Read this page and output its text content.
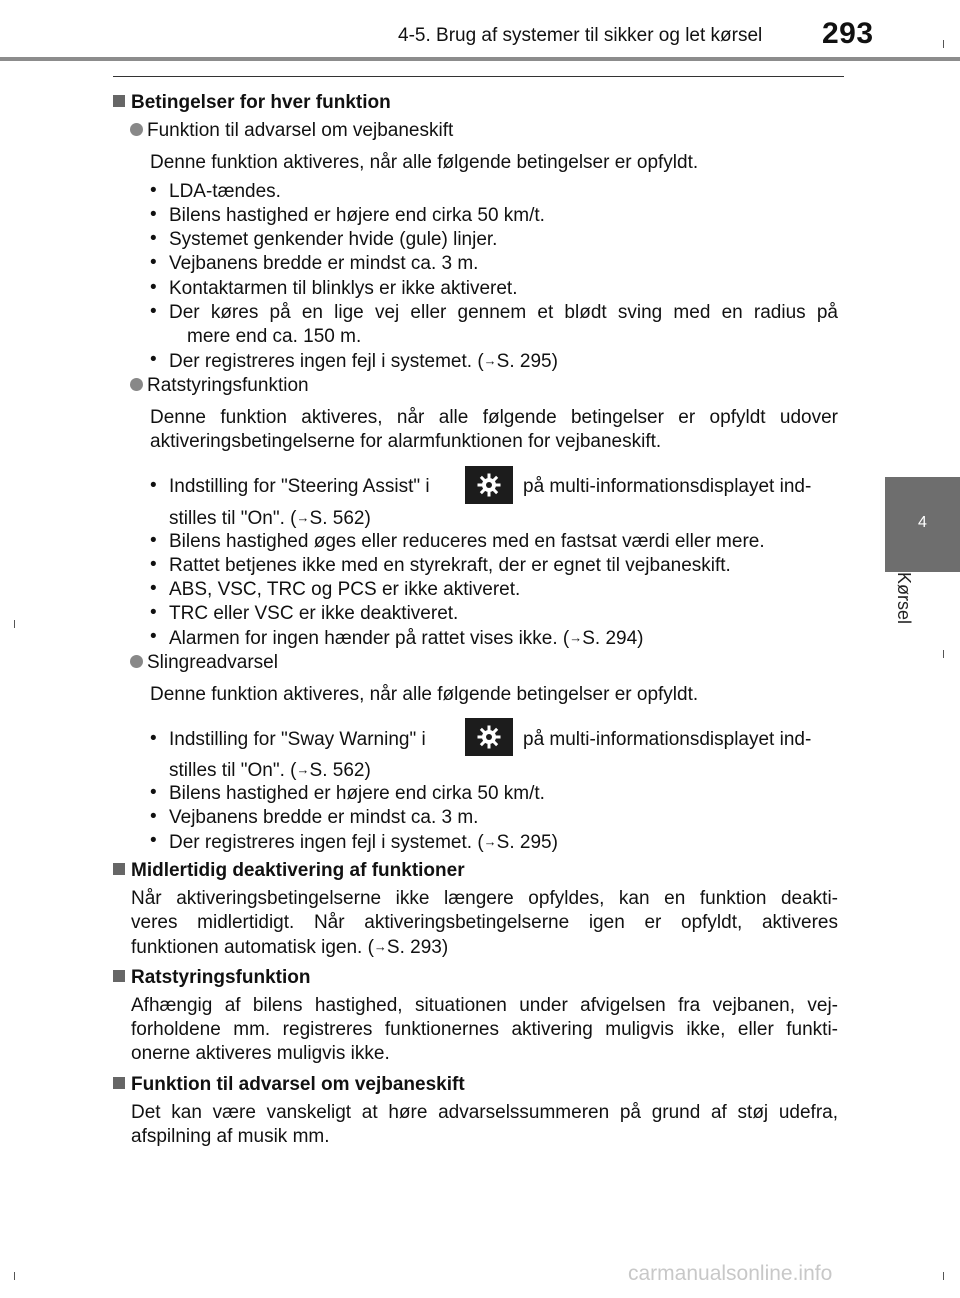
4-5. Brug af systemer til sikker og let kørsel 293
4
Kørsel
Betingelser for hver funktion
Funktion til advarsel om vejbaneskift
Denne funktion aktiveres, når alle følgende betingelser er opfyldt.
• LDA-tændes.
• Bilens hastighed er højere end cirka 50 km/t.
• Systemet genkender hvide (gule) linjer.
• Vejbanens bredde er mindst ca. 3 m.
• Kontaktarmen til blinklys er ikke aktiveret.
• Der køres på en lige vej eller gennem et blødt sving med en radius på
mere end ca. 150 m.
• Der registreres ingen fejl i systemet. (→S. 295)
Ratstyringsfunktion
Denne funktion aktiveres, når alle følgende betingelser er opfyldt udover
aktiveringsbetingelserne for alarmfunktionen for vejbaneskift.
• Indstilling for "Steering Assist" i	på multi-informationsdisplayet ind-
stilles til "On". (→S. 562)
• Bilens hastighed øges eller reduceres med en fastsat værdi eller mere.
• Rattet betjenes ikke med en styrekraft, der er egnet til vejbaneskift.
• ABS, VSC, TRC og PCS er ikke aktiveret.
• TRC eller VSC er ikke deaktiveret.
• Alarmen for ingen hænder på rattet vises ikke. (→S. 294)
Slingreadvarsel
Denne funktion aktiveres, når alle følgende betingelser er opfyldt.
• Indstilling for "Sway Warning" i	på multi-informationsdisplayet ind-
stilles til "On". (→S. 562)
• Bilens hastighed er højere end cirka 50 km/t.
• Vejbanens bredde er mindst ca. 3 m.
• Der registreres ingen fejl i systemet. (→S. 295)
Midlertidig deaktivering af funktioner
Når aktiveringsbetingelserne ikke længere opfyldes, kan en funktion deakti-
veres midlertidigt. Når aktiveringsbetingelserne igen er opfyldt, aktiveres
funktionen automatisk igen. (→S. 293)
Ratstyringsfunktion
Afhængig af bilens hastighed, situationen under afvigelsen fra vejbanen, vej-
forholdene mm. registreres funktionernes aktivering muligvis ikke, eller funkti-
onerne aktiveres muligvis ikke.
Funktion til advarsel om vejbaneskift
Det kan være vanskeligt at høre advarselssummeren på grund af støj udefra,
afspilning af musik mm.
carmanualsonline.info
